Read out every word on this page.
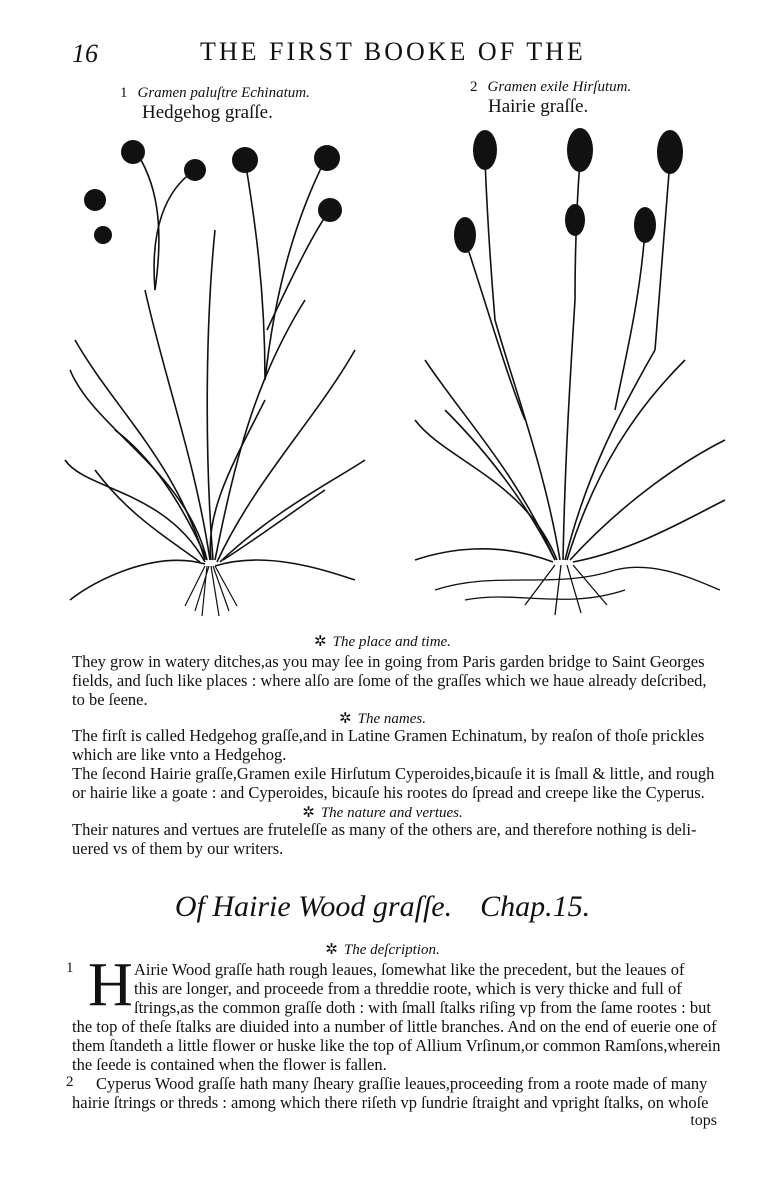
16	THE FIRST BOOKE OF THE
1 Gramen paluſtre Echinatum.
Hedgehog graſſe.
2 Gramen exile Hirſutum.
Hairie graſſe.
✲ The place and time.
They grow in watery ditches,as you may ſee in going from Paris garden bridge to Saint Georges
fields, and ſuch like places : where alſo are ſome of the graſſes which we haue already deſcribed,
to be ſeene.
✲ The names.
The firſt is called Hedgehog graſſe,and in Latine Gramen Echinatum, by reaſon of thoſe prickles
which are like vnto a Hedgehog.
The ſecond Hairie graſſe,Gramen exile Hirſutum Cyperoides,bicauſe it is ſmall & little, and rough
or hairie like a goate : and Cyperoides, bicauſe his rootes do ſpread and creepe like the Cyperus.
✲ The nature and vertues.
Their natures and vertues are fruteleſſe as many of the others are, and therefore nothing is deli-
uered vs of them by our writers.
Of Hairie Wood graſſe. Chap.15.
✲ The deſcription.
1 H Airie Wood graſſe hath rough leaues, ſomewhat like the precedent, but the leaues of
this are longer, and proceede from a threddie roote, which is very thicke and full of
ſtrings,as the common graſſe doth : with ſmall ſtalks riſing vp from the ſame rootes : but
the top of theſe ſtalks are diuided into a number of little branches. And on the end of euerie one of
them ſtandeth a little flower or huske like the top of Allium Vrſinum,or common Ramſons,wherein
the ſeede is contained when the flower is fallen.
2 Cyperus Wood graſſe hath many ſheary graſſie leaues,proceeding from a roote made of many
hairie ſtrings or threds : among which there riſeth vp ſundrie ſtraight and vpright ſtalks, on whoſe
tops
